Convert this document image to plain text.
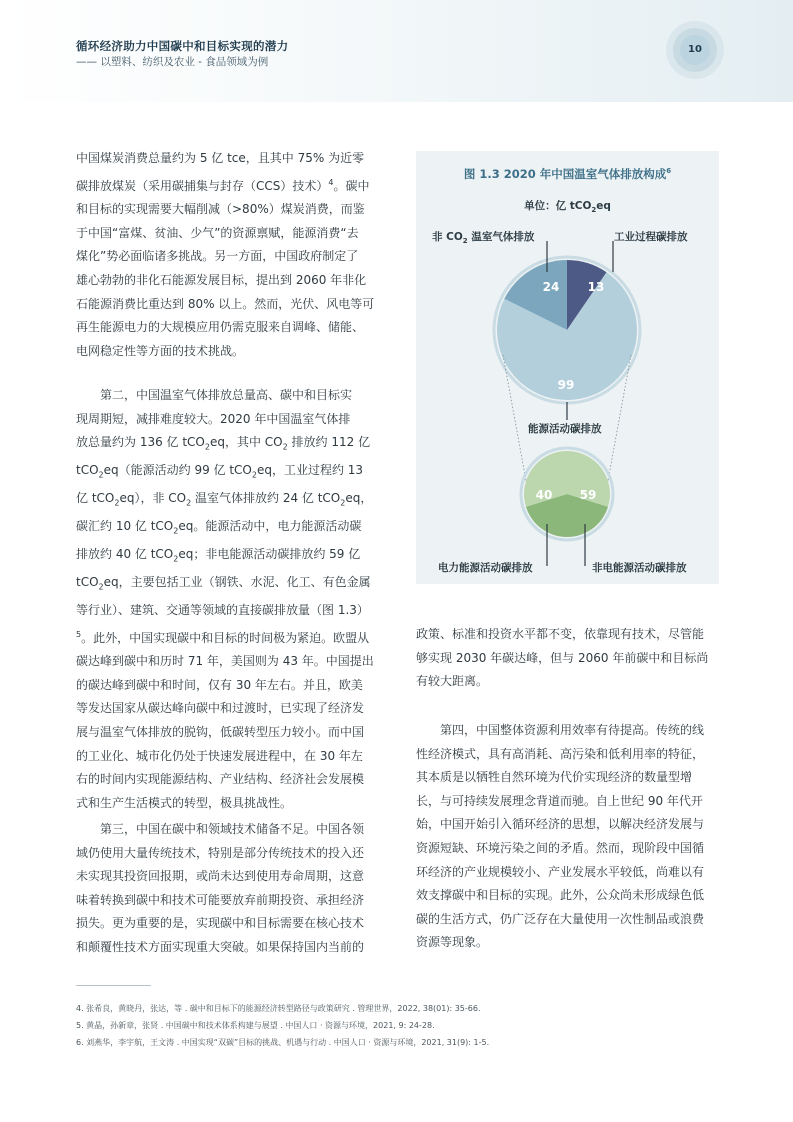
循环经济助力中国碳中和目标实现的潜力
—— 以塑料、纺织及农业 - 食品领域为例
10

中国煤炭消费总量约为 5 亿 tce，且其中 75% 为近零
碳排放煤炭（采用碳捕集与封存（CCS）技术）$^4$。碳中
和目标的实现需要大幅削减（>80%）煤炭消费，而鉴
于中国“富煤、贫油、少气”的资源禀赋，能源消费“去
煤化”势必面临诸多挑战。另一方面，中国政府制定了
雄心勃勃的非化石能源发展目标，提出到 2060 年非化
石能源消费比重达到 80% 以上。然而，光伏、风电等可
再生能源电力的大规模应用仍需克服来自调峰、储能、
电网稳定性等方面的技术挑战。

第二，中国温室气体排放总量高、碳中和目标实
现周期短，减排难度较大。2020 年中国温室气体排
放总量约为 136 亿 tCO$_2$eq，其中 $CO_2$ 排放约 112 亿
tCO$_2$eq（能源活动约 99 亿 tCO$_2$eq，工业过程约 13
亿 tCO$_2$eq），非 $CO_2$ 温室气体排放约 24 亿 tCO$_2$eq，
碳汇约 10 亿 tCO$_2$eq。能源活动中，电力能源活动碳
排放约 40 亿 tCO$_2$eq；非电能源活动碳排放约 59 亿
tCO$_2$eq，主要包括工业（钢铁、水泥、化工、有色金属
等行业）、建筑、交通等领域的直接碳排放量（图 1.3）
$^5$。此外，中国实现碳中和目标的时间极为紧迫。欧盟从
碳达峰到碳中和历时 71 年，美国则为 43 年。中国提出
的碳达峰到碳中和时间，仅有 30 年左右。并且，欧美
等发达国家从碳达峰向碳中和过渡时，已实现了经济发
展与温室气体排放的脱钩，低碳转型压力较小。而中国
的工业化、城市化仍处于快速发展进程中，在 30 年左
右的时间内实现能源结构、产业结构、经济社会发展模
式和生产生活模式的转型，极具挑战性。

第三，中国在碳中和领域技术储备不足。中国各领
域仍使用大量传统技术，特别是部分传统技术的投入还
未实现其投资回报期，或尚未达到使用寿命周期，这意
味着转换到碳中和技术可能要放弃前期投资、承担经济
损失。更为重要的是，实现碳中和目标需要在核心技术
和颠覆性技术方面实现重大突破。如果保持国内当前的

图 1.3 2020 年中国温室气体排放构成$^6$
单位：亿 tCO$_2$eq
非 $CO_2$ 温室气体排放	工业过程碳排放
能源活动碳排放
电力能源活动碳排放	非电能源活动碳排放
24	13
99
40	59

政策、标准和投资水平都不变，依靠现有技术，尽管能
够实现 2030 年碳达峰，但与 2060 年前碳中和目标尚
有较大距离。

第四，中国整体资源利用效率有待提高。传统的线
性经济模式，具有高消耗、高污染和低利用率的特征，
其本质是以牺牲自然环境为代价实现经济的数量型增
长，与可持续发展理念背道而驰。自上世纪 90 年代开
始，中国开始引入循环经济的思想，以解决经济发展与
资源短缺、环境污染之间的矛盾。然而，现阶段中国循
环经济的产业规模较小、产业发展水平较低，尚难以有
效支撑碳中和目标的实现。此外，公众尚未形成绿色低
碳的生活方式，仍广泛存在大量使用一次性制品或浪费
资源等现象。

4. 张希良，黄晓丹，张达，等 . 碳中和目标下的能源经济转型路径与政策研究 . 管理世界，2022, 38(01): 35-66.
5. 黄晶，孙新章，张贤 . 中国碳中和技术体系构建与展望 . 中国人口 · 资源与环境，2021, 9: 24-28.
6. 刘燕华，李宇航，王文涛 . 中国实现“双碳”目标的挑战、机遇与行动 . 中国人口 · 资源与环境，2021, 31(9): 1-5.
